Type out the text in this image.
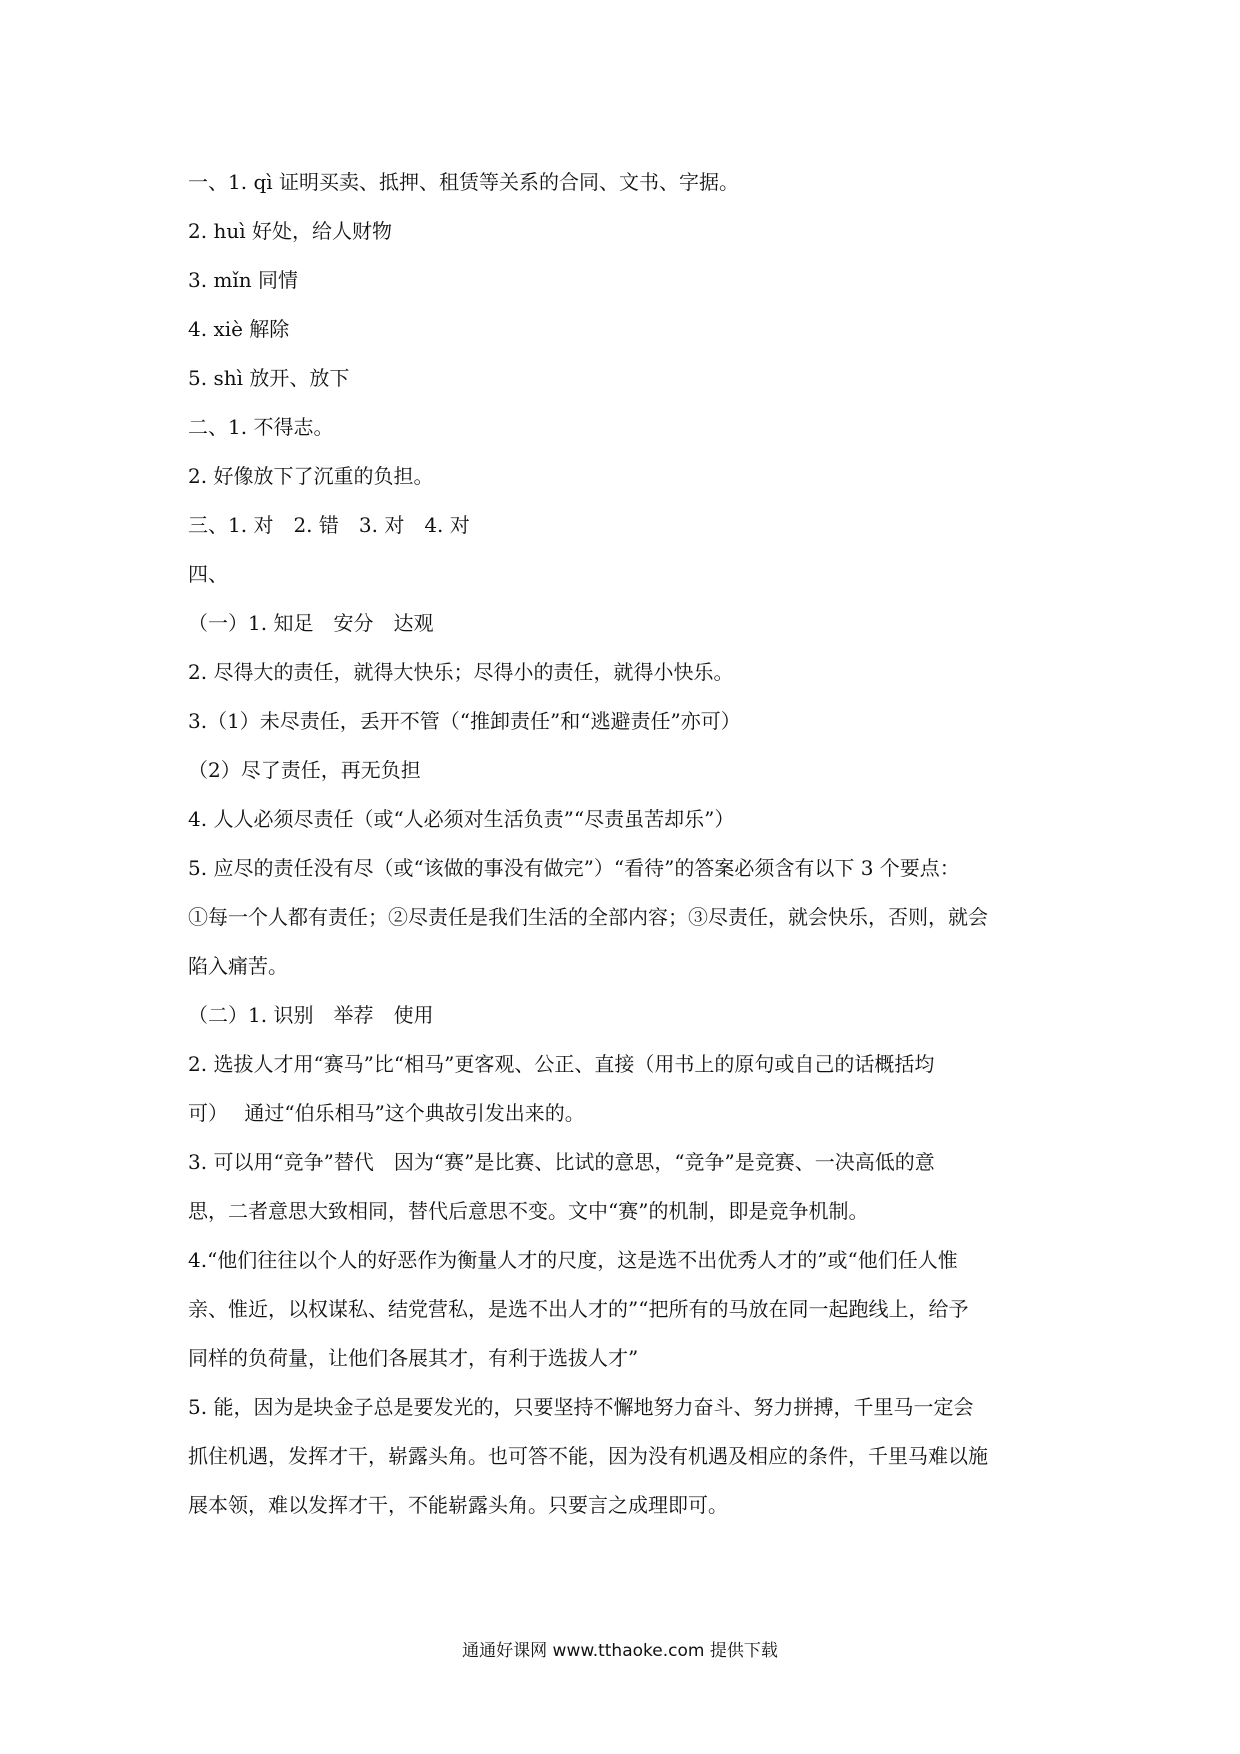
一、1. qì 证明买卖、抵押、租赁等关系的合同、文书、字据。
2. huì 好处，给人财物
3. mǐn 同情
4. xiè 解除
5. shì 放开、放下
二、1. 不得志。
2. 好像放下了沉重的负担。
三、1. 对　2. 错　3. 对　4. 对
四、
（一）1. 知足　安分　达观
2. 尽得大的责任，就得大快乐；尽得小的责任，就得小快乐。
3.（1）未尽责任，丢开不管（“推卸责任”和“逃避责任”亦可）
（2）尽了责任，再无负担
4. 人人必须尽责任（或“人必须对生活负责”“尽责虽苦却乐”）
5. 应尽的责任没有尽（或“该做的事没有做完”）“看待”的答案必须含有以下 3 个要点：
①每一个人都有责任；②尽责任是我们生活的全部内容；③尽责任，就会快乐，否则，就会
陷入痛苦。
（二）1. 识别　举荐　使用
2. 选拔人才用“赛马”比“相马”更客观、公正、直接（用书上的原句或自己的话概括均
可）　 通过“伯乐相马”这个典故引发出来的。
3. 可以用“竞争”替代　因为“赛”是比赛、比试的意思，“竞争”是竞赛、一决高低的意
思，二者意思大致相同，替代后意思不变。文中“赛”的机制，即是竞争机制。
4.“他们往往以个人的好恶作为衡量人才的尺度，这是选不出优秀人才的”或“他们任人惟
亲、惟近，以权谋私、结党营私，是选不出人才的”“把所有的马放在同一起跑线上，给予
同样的负荷量，让他们各展其才，有利于选拔人才”
5. 能，因为是块金子总是要发光的，只要坚持不懈地努力奋斗、努力拼搏，千里马一定会
抓住机遇，发挥才干，崭露头角。也可答不能，因为没有机遇及相应的条件，千里马难以施
展本领，难以发挥才干，不能崭露头角。只要言之成理即可。
通通好课网 www.tthaoke.com 提供下载
